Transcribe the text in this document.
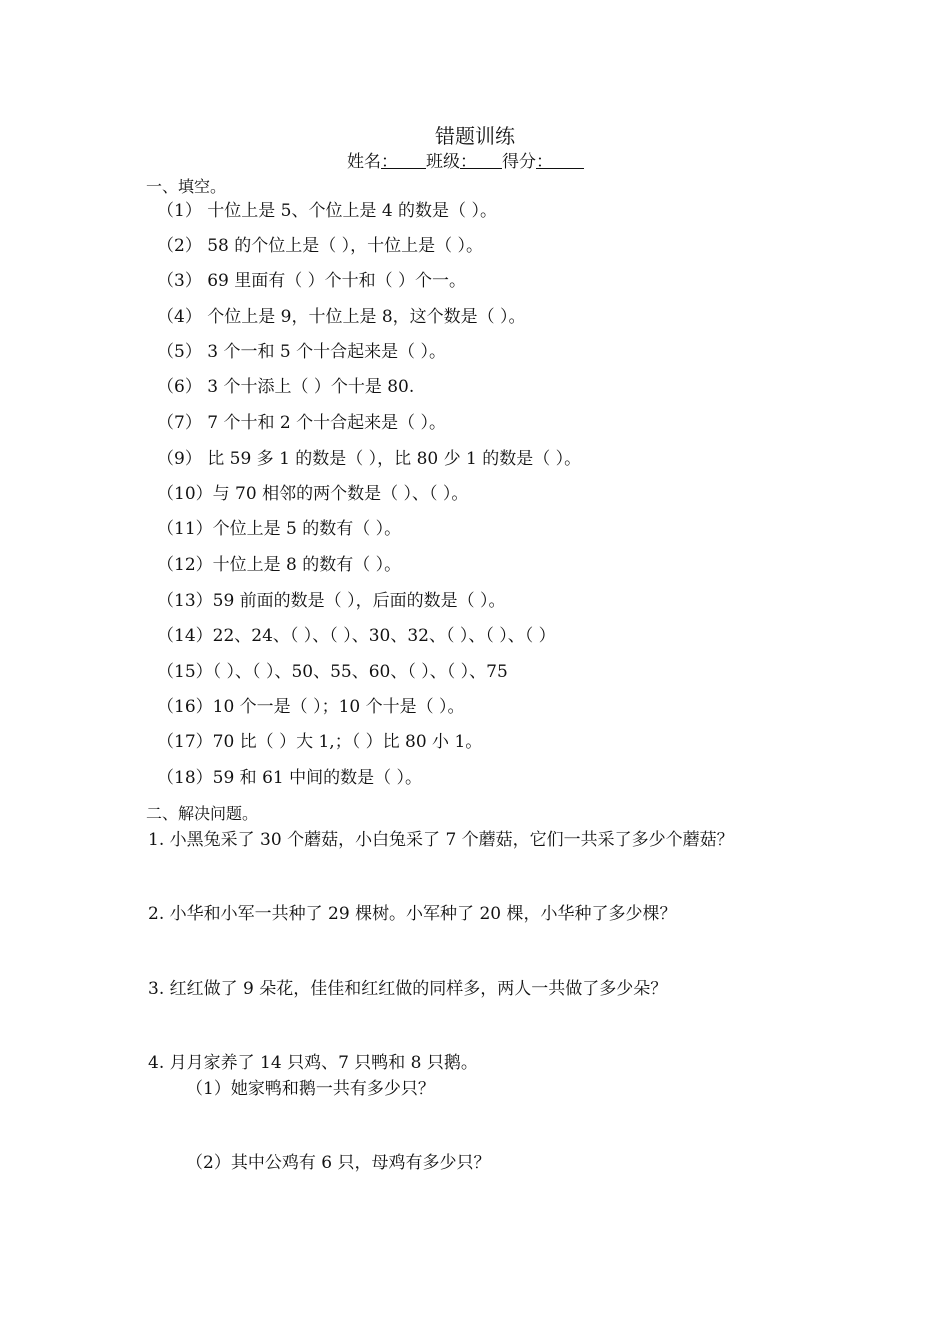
错题训练
姓名： 班级： 得分：
一、填空。
（1） 十位上是 5、个位上是 4 的数是（ ）。
（2） 58 的个位上是（ ），十位上是（ ）。
（3） 69 里面有（ ）个十和（ ）个一。
（4） 个位上是 9，十位上是 8，这个数是（ ）。
（5） 3 个一和 5 个十合起来是（ ）。
（6） 3 个十添上（ ）个十是 80.
（7） 7 个十和 2 个十合起来是（ ）。
（9） 比 59 多 1 的数是（ ），比 80 少 1 的数是（ ）。
（10）与 70 相邻的两个数是（ ）、（ ）。
（11）个位上是 5 的数有（ ）。
（12）十位上是 8 的数有（ ）。
（13）59 前面的数是（ ），后面的数是（ ）。
（14）22、24、（ ）、（ ）、30、32、（ ）、（ ）、（ ）
（15）（ ）、（ ）、50、55、60、（ ）、（ ）、75
（16）10 个一是（ ）；10 个十是（ ）。
（17）70 比（ ）大 1,；（ ）比 80 小 1。
（18）59 和 61 中间的数是（ ）。
二、解决问题。
1. 小黑兔采了 30 个蘑菇，小白兔采了 7 个蘑菇，它们一共采了多少个蘑菇？
2. 小华和小军一共种了 29 棵树。小军种了 20 棵，小华种了多少棵？
3. 红红做了 9 朵花，佳佳和红红做的同样多，两人一共做了多少朵？
4. 月月家养了 14 只鸡、7 只鸭和 8 只鹅。
（1）她家鸭和鹅一共有多少只？
（2）其中公鸡有 6 只，母鸡有多少只？
